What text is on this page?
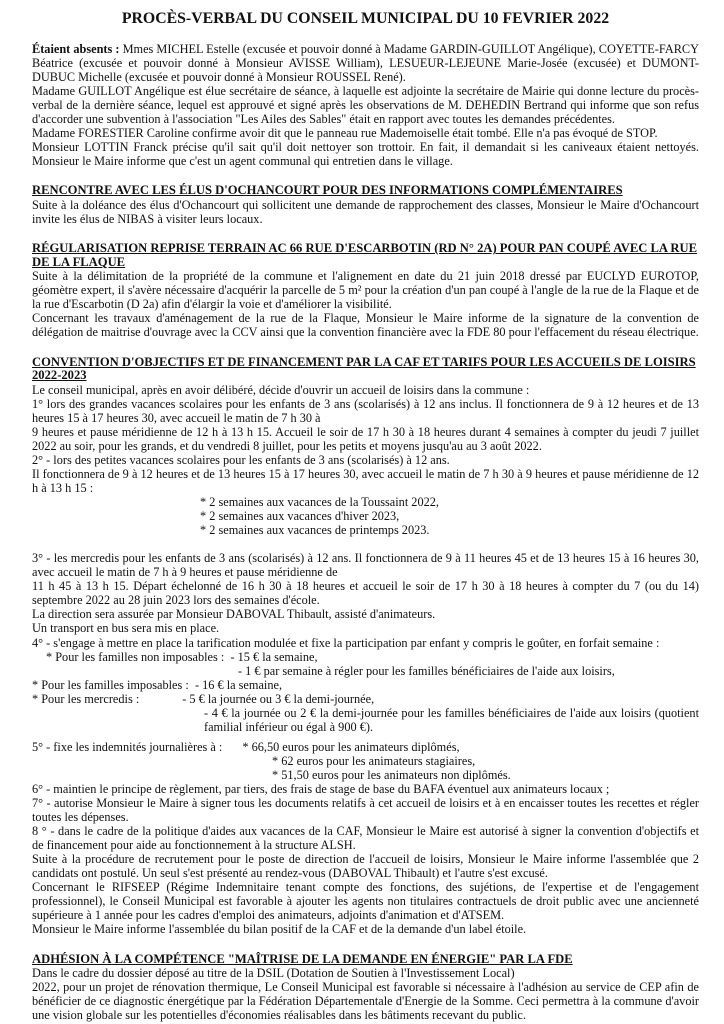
PROCÈS-VERBAL DU CONSEIL MUNICIPAL DU 10 FEVRIER 2022

Étaient absents : Mmes MICHEL Estelle (excusée et pouvoir donné à Madame GARDIN-GUILLOT Angélique), COYETTE-FARCY Béatrice (excusée et pouvoir donné à Monsieur AVISSE William), LESUEUR-LEJEUNE Marie-Josée (excusée) et DUMONT-DUBUC Michelle (excusée et pouvoir donné à Monsieur ROUSSEL René).

Madame GUILLOT Angélique est élue secrétaire de séance, à laquelle est adjointe la secrétaire de Mairie qui donne lecture du procès-verbal de la dernière séance, lequel est approuvé et signé après les observations de M. DEHEDIN Bertrand qui informe que son refus d'accorder une subvention à l'association "Les Ailes des Sables" était en rapport avec toutes les demandes précédentes.

Madame FORESTIER Caroline confirme avoir dit que le panneau rue Mademoiselle était tombé. Elle n'a pas évoqué de STOP.

Monsieur LOTTIN Franck précise qu'il sait qu'il doit nettoyer son trottoir. En fait, il demandait si les caniveaux étaient nettoyés. Monsieur le Maire informe que c'est un agent communal qui entretien dans le village.

RENCONTRE AVEC LES ÉLUS D'OCHANCOURT POUR DES INFORMATIONS COMPLÉMENTAIRES

Suite à la doléance des élus d'Ochancourt qui sollicitent une demande de rapprochement des classes, Monsieur le Maire d'Ochancourt invite les élus de NIBAS à visiter leurs locaux.

RÉGULARISATION REPRISE TERRAIN AC 66 RUE D'ESCARBOTIN (RD N° 2A) POUR PAN COUPÉ AVEC LA RUE DE LA FLAQUE

Suite à la délimitation de la propriété de la commune et l'alignement en date du 21 juin 2018 dressé par EUCLYD EUROTOP, géomètre expert, il s'avère nécessaire d'acquérir la parcelle de 5 m² pour la création d'un pan coupé à l'angle de la rue de la Flaque et de la rue d'Escarbotin (D 2a) afin d'élargir la voie et d'améliorer la visibilité.

Concernant les travaux d'aménagement de la rue de la Flaque, Monsieur le Maire informe de la signature de la convention de délégation de maitrise d'ouvrage avec la CCV ainsi que la convention financière avec la FDE 80 pour l'effacement du réseau électrique.

CONVENTION D'OBJECTIFS ET DE FINANCEMENT PAR LA CAF ET TARIFS POUR LES ACCUEILS DE LOISIRS 2022-2023

Le conseil municipal, après en avoir délibéré, décide d'ouvrir un accueil de loisirs dans la commune :

1° lors des grandes vacances scolaires pour les enfants de 3 ans (scolarisés) à 12 ans inclus. Il fonctionnera de 9 à 12 heures et de 13 heures 15 à 17 heures 30, avec accueil le matin de 7 h 30 à

9 heures et pause méridienne de 12 h à 13 h 15. Accueil le soir de 17 h 30 à 18 heures durant 4 semaines à compter du jeudi 7 juillet 2022 au soir, pour les grands, et du vendredi 8 juillet, pour les petits et moyens jusqu'au au 3 août 2022.

2° - lors des petites vacances scolaires pour les enfants de 3 ans (scolarisés) à 12 ans.

Il fonctionnera de 9 à 12 heures et de 13 heures 15 à 17 heures 30, avec accueil le matin de 7 h 30 à 9 heures et pause méridienne de 12 h à 13 h 15 :

* 2 semaines aux vacances de la Toussaint 2022,
* 2 semaines aux vacances d'hiver 2023,
* 2 semaines aux vacances de printemps 2023.

3° - les mercredis pour les enfants de 3 ans (scolarisés) à 12 ans. Il fonctionnera de 9 à 11 heures 45 et de 13 heures 15 à 16 heures 30, avec accueil le matin de 7 h à 9 heures et pause méridienne de

11 h 45 à 13 h 15. Départ échelonné de 16 h 30 à 18 heures et accueil le soir de 17 h 30 à 18 heures à compter du 7 (ou du 14) septembre 2022 au 28 juin 2023 lors des semaines d'école.

La direction sera assurée par Monsieur DABOVAL Thibault, assisté d'animateurs.

Un transport en bus sera mis en place.

4° - s'engage à mettre en place la tarification modulée et fixe la participation par enfant y compris le goûter, en forfait semaine :

* Pour les familles non imposables : - 15 € la semaine,

- 1 € par semaine à régler pour les familles bénéficiaires de l'aide aux loisirs,

* Pour les familles imposables : - 16 € la semaine,

* Pour les mercredis :	- 5 € la journée ou 3 € la demi-journée,

- 4 € la journée ou 2 € la demi-journée pour les familles bénéficiaires de l'aide aux loisirs (quotient familial inférieur ou égal à 900 €).

5° - fixe les indemnités journalières à : * 66,50 euros pour les animateurs diplômés,

* 62 euros pour les animateurs stagiaires,
* 51,50 euros pour les animateurs non diplômés.

6° - maintien le principe de règlement, par tiers, des frais de stage de base du BAFA éventuel aux animateurs locaux ;

7° - autorise Monsieur le Maire à signer tous les documents relatifs à cet accueil de loisirs et à en encaisser toutes les recettes et régler toutes les dépenses.

8 ° - dans le cadre de la politique d'aides aux vacances de la CAF, Monsieur le Maire est autorisé à signer la convention d'objectifs et de financement pour aide au fonctionnement à la structure ALSH.

Suite à la procédure de recrutement pour le poste de direction de l'accueil de loisirs, Monsieur le Maire informe l'assemblée que 2 candidats ont postulé. Un seul s'est présenté au rendez-vous (DABOVAL Thibault) et l'autre s'est excusé.

Concernant le RIFSEEP (Régime Indemnitaire tenant compte des fonctions, des sujétions, de l'expertise et de l'engagement professionnel), le Conseil Municipal est favorable à ajouter les agents non titulaires contractuels de droit public avec une ancienneté supérieure à 1 année pour les cadres d'emploi des animateurs, adjoints d'animation et d'ATSEM.

Monsieur le Maire informe l'assemblée du bilan positif de la CAF et de la demande d'un label étoile.

ADHÉSION À LA COMPÉTENCE "MAÎTRISE DE LA DEMANDE EN ÉNERGIE" PAR LA FDE

Dans le cadre du dossier déposé au titre de la DSIL (Dotation de Soutien à l'Investissement Local)

2022, pour un projet de rénovation thermique, Le Conseil Municipal est favorable si nécessaire à l'adhésion au service de CEP afin de bénéficier de ce diagnostic énergétique par la Fédération Départementale d'Energie de la Somme. Ceci permettra à la commune d'avoir une vision globale sur les potentielles d'économies réalisables dans les bâtiments recevant du public.
